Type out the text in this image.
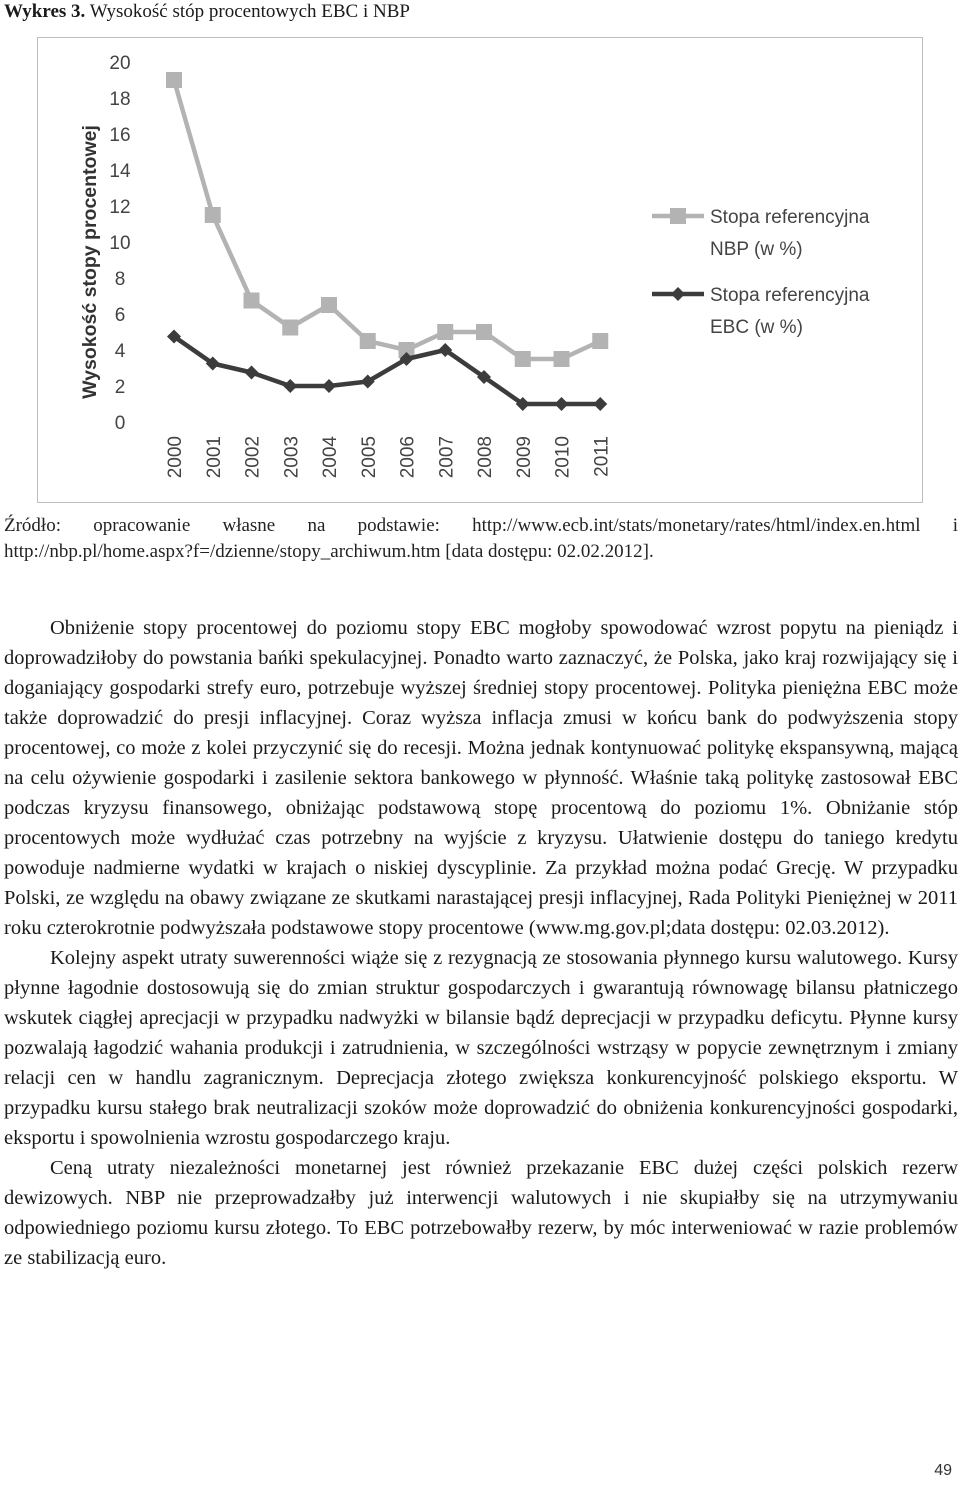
Wykres 3. Wysokość stóp procentowych EBC i NBP
Wysokość stopy procentowej
0
2
4
6
8
10
12
14
16
18
20
2000 2001 2002 2003 2004 2005 2006 2007 2008 2009 2010 2011
Stopa referencyjna
NBP (w %)
Stopa referencyjna
EBC (w %)
Źródło: opracowanie własne na podstawie: http://www.ecb.int/stats/monetary/rates/html/index.en.html i http://nbp.pl/home.aspx?f=/dzienne/stopy_archiwum.htm [data dostępu: 02.02.2012].

Obniżenie stopy procentowej do poziomu stopy EBC mogłoby spowodować wzrost popytu na pieniądz i doprowadziłoby do powstania bańki spekulacyjnej. Ponadto warto zaznaczyć, że Polska, jako kraj rozwijający się i doganiający gospodarki strefy euro, potrzebuje wyższej średniej stopy procentowej. Polityka pieniężna EBC może także doprowadzić do presji inflacyjnej. Coraz wyższa inflacja zmusi w końcu bank do podwyższenia stopy procentowej, co może z kolei przyczynić się do recesji. Można jednak kontynuować politykę ekspansywną, mającą na celu ożywienie gospodarki i zasilenie sektora bankowego w płynność. Właśnie taką politykę zastosował EBC podczas kryzysu finansowego, obniżając podstawową stopę procentową do poziomu 1%. Obniżanie stóp procentowych może wydłużać czas potrzebny na wyjście z kryzysu. Ułatwienie dostępu do taniego kredytu powoduje nadmierne wydatki w krajach o niskiej dyscyplinie. Za przykład można podać Grecję. W przypadku Polski, ze względu na obawy związane ze skutkami narastającej presji inflacyjnej, Rada Polityki Pieniężnej w 2011 roku czterokrotnie podwyższała podstawowe stopy procentowe (www.mg.gov.pl;data dostępu: 02.03.2012).

Kolejny aspekt utraty suwerenności wiąże się z rezygnacją ze stosowania płynnego kursu walutowego. Kursy płynne łagodnie dostosowują się do zmian struktur gospodarczych i gwarantują równowagę bilansu płatniczego wskutek ciągłej aprecjacji w przypadku nadwyżki w bilansie bądź deprecjacji w przypadku deficytu. Płynne kursy pozwalają łagodzić wahania produkcji i zatrudnienia, w szczególności wstrząsy w popycie zewnętrznym i zmiany relacji cen w handlu zagranicznym. Deprecjacja złotego zwiększa konkurencyjność polskiego eksportu. W przypadku kursu stałego brak neutralizacji szoków może doprowadzić do obniżenia konkurencyjności gospodarki, eksportu i spowolnienia wzrostu gospodarczego kraju.

Ceną utraty niezależności monetarnej jest również przekazanie EBC dużej części polskich rezerw dewizowych. NBP nie przeprowadzałby już interwencji walutowych i nie skupiałby się na utrzymywaniu odpowiedniego poziomu kursu złotego. To EBC potrzebowałby rezerw, by móc interweniować w razie problemów ze stabilizacją euro.

49
